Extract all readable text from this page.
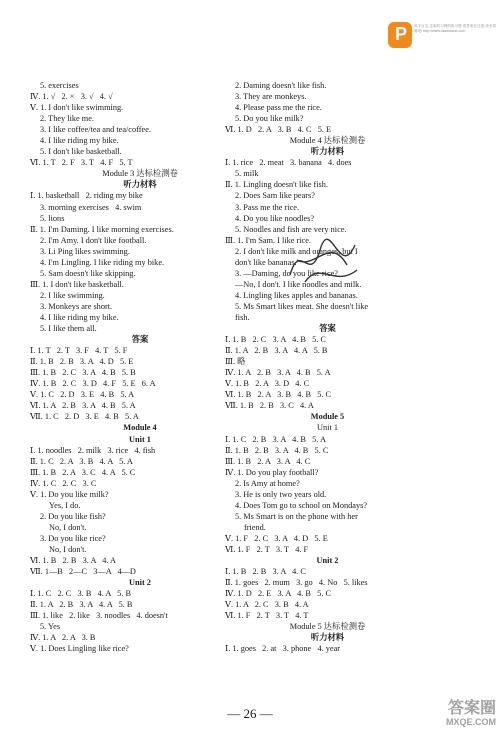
P 高手百宝,这家的习网的练习册 的答案在这里,快来看看吧! http://www.daantuxue.com
5. exercises
Ⅳ. 1. √   2. ×   3. √   4. √
Ⅴ. 1. I don't like swimming.
2. They like me.
3. I like coffee/tea and tea/coffee.
4. I like riding my bike.
5. I don't like basketball.
Ⅵ. 1. T   2. F   3. T   4. F   5. T
Module 3 达标检测卷
听力材料
Ⅰ. 1. basketball   2. riding my bike
3. morning exercises   4. swim
5. lions
Ⅱ. 1. I'm Daming. I like morning exercises.
2. I'm Amy. I don't like football.
3. Li Ping likes swimming.
4. I'm Lingling. I like riding my bike.
5. Sam doesn't like skipping.
Ⅲ. 1. I don't like basketball.
2. I like swimming.
3. Monkeys are short.
4. I like riding my bike.
5. I like them all.
答案
Ⅰ. 1. T   2. T   3. F   4. T   5. F
Ⅱ. 1. B   2. B   3. A   4. D   5. E
Ⅲ. 1. B   2. C   3. A   4. B   5. B
Ⅳ. 1. B   2. C   3. D   4. F   5. E   6. A
Ⅴ. 1. C   2. D   3. E   4. B   5. A
Ⅵ. 1. A   2. B   3. A   4. B   5. A
Ⅶ. 1. C   2. D   3. E   4. B   5. A
Module 4
Unit 1
Ⅰ. 1. noodles   2. milk   3. rice   4. fish
Ⅱ. 1. C   2. A   3. B   4. A   5. A
Ⅲ. 1. B   2. A   3. C   4. A   5. C
Ⅳ. 1. C   2. C   3. C
Ⅴ. 1. Do you like milk?
Yes, I do.
2. Do you like fish?
No, I don't.
3. Do you like rice?
No, I don't.
Ⅵ. 1. B   2. B   3. A   4. A
Ⅶ. 1—B   2—C   3—A   4—D
Unit 2
Ⅰ. 1. C   2. C   3. B   4. A   5. B
Ⅱ. 1. A   2. B   3. A   4. A   5. B
Ⅲ. 1. like   2. like   3. noodles   4. doesn't
5. Yes
Ⅳ. 1. A   2. A   3. B
Ⅴ. 1. Does Lingling like rice?
2. Daming doesn't like fish.
3. They are monkeys.
4. Please pass me the rice.
5. Do you like milk?
Ⅵ. 1. D   2. A   3. B   4. C   5. E
Module 4 达标检测卷
听力材料
Ⅰ. 1. rice   2. meat   3. banana   4. does
5. milk
Ⅱ. 1. Lingling doesn't like fish.
2. Does Sam like pears?
3. Pass me the rice.
4. Do you like noodles?
5. Noodles and fish are very nice.
Ⅲ. 1. I'm Sam. I like rice.
2. I don't like milk and oranges, but I
don't like bananas.
3. —Daming, do you like rice?
—No, I don't. I like noodles and milk.
4. Lingling likes apples and bananas.
5. Ms Smart likes meat. She doesn't like
fish.
答案
Ⅰ. 1. B   2. C   3. A   4. B   5. C
Ⅱ. 1. A   2. B   3. A   4. A   5. B
Ⅲ. 略
Ⅳ. 1. A   2. B   3. A   4. B   5. A
Ⅴ. 1. B   2. A   3. D   4. C
Ⅵ. 1. B   2. A   3. B   4. B   5. C
Ⅶ. 1. B   2. B   3. C   4. A
Module 5
Unit 1
Ⅰ. 1. C   2. B   3. A   4. B   5. A
Ⅱ. 1. B   2. B   3. A   4. B   5. C
Ⅲ. 1. B   2. A   3. A   4. C
Ⅳ. 1. Do you play football?
2. Is Amy at home?
3. He is only two years old.
4. Does Tom go to school on Mondays?
5. Ms Smart is on the phone with her
friend.
Ⅴ. 1. F   2. C   3. A   4. D   5. E
Ⅵ. 1. F   2. T   3. T   4. F
Unit 2
Ⅰ. 1. B   2. B   3. A   4. C
Ⅱ. 1. goes   2. mum   3. go   4. No   5. likes
Ⅳ. 1. D   2. E   3. A   4. B   5. C
Ⅴ. 1. A   2. C   3. B   4. A
Ⅵ. 1. F   2. T   3. T   4. T
Module 5 达标检测卷
听力材料
Ⅰ. 1. goes   2. at   3. phone   4. year
— 26 —	答案圈
MXQE.COM
